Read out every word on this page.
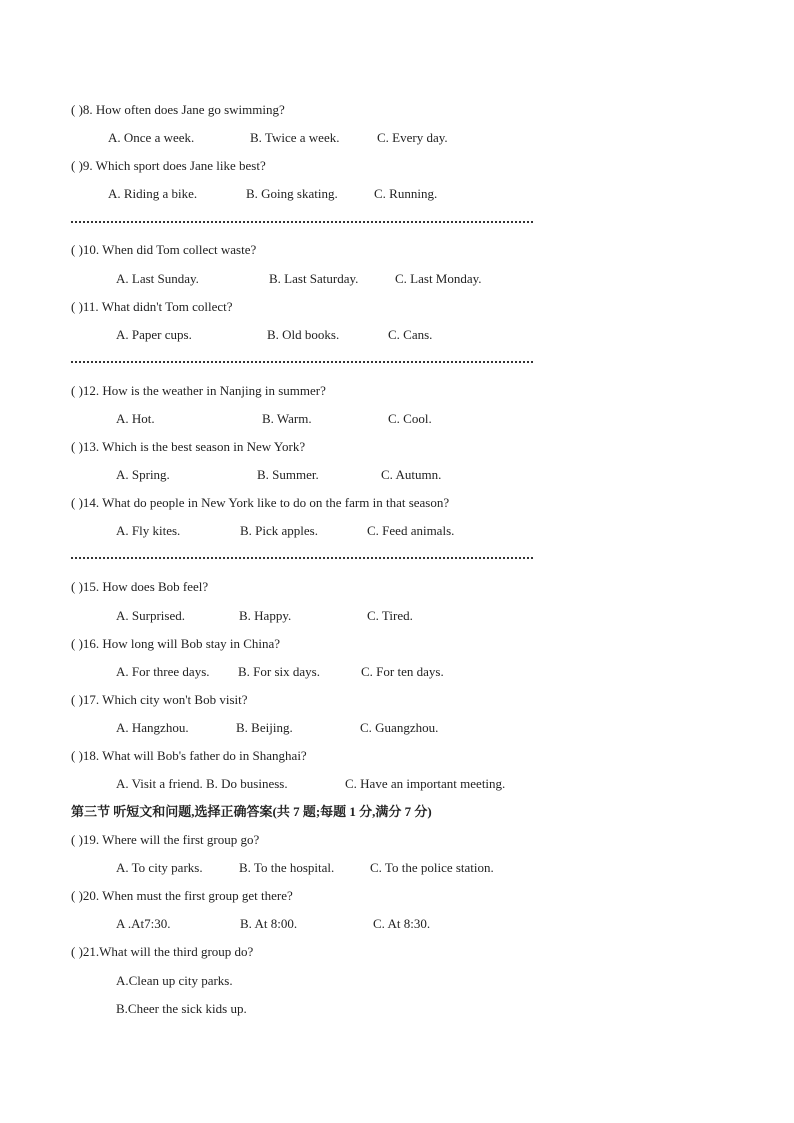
( )8. How often does Jane go swimming?
A. Once a week.	B. Twice a week.	C. Every day.
( )9. Which sport does Jane like best?
A. Riding a bike.	B. Going skating.	C. Running.
( )10. When did Tom collect waste?
A. Last Sunday.	B. Last Saturday.	C. Last Monday.
( )11. What didn't Tom collect?
A. Paper cups.	B. Old books.	C. Cans.
( )12. How is the weather in Nanjing in summer?
A. Hot.	B. Warm.	C. Cool.
( )13. Which is the best season in New York?
A. Spring.	B. Summer.	C. Autumn.
( )14. What do people in New York like to do on the farm in that season?
A. Fly kites.	B. Pick apples.	C. Feed animals.
( )15. How does Bob feel?
A. Surprised.	B. Happy.	C. Tired.
( )16. How long will Bob stay in China?
A. For three days. B. For six days.	C. For ten days.
( )17. Which city won't Bob visit?
A. Hangzhou.	B. Beijing.	C. Guangzhou.
( )18. What will Bob's father do in Shanghai?
A. Visit a friend. B. Do business.	C. Have an important meeting.
第三节 听短文和问题,选择正确答案(共 7 题;每题 1 分,满分 7 分)
( )19. Where will the first group go?
A. To city parks.	B. To the hospital.	C. To the police station.
( )20. When must the first group get there?
A .At7:30.	B. At 8:00.	C. At 8:30.
( )21.What will the third group do?
A.Clean up city parks.
B.Cheer the sick kids up.
